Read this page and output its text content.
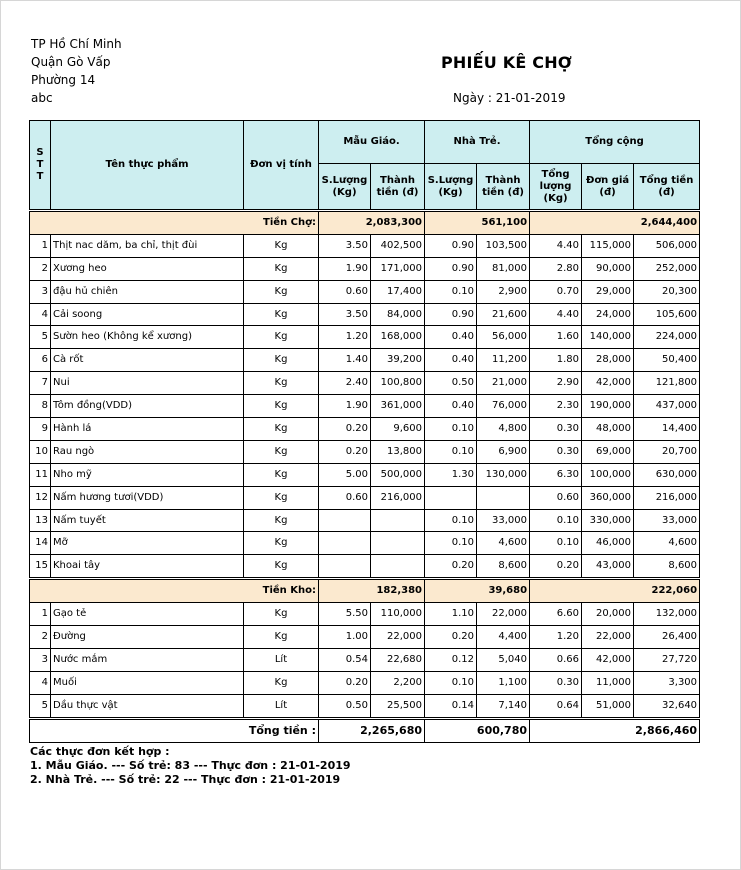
TP Hồ Chí Minh
Quận Gò Vấp
Phường 14
abc
PHIẾU KÊ CHỢ
Ngày : 21-01-2019
S T T	Tên thực phẩm	Đơn vị tính	Mẫu Giáo.		Nhà Trẻ.		Tổng cộng		
			S.Lượng (Kg)	Thành tiền (đ)	S.Lượng (Kg)	Thành tiền (đ)	Tổng lượng (Kg)	Đơn giá (đ)	Tổng tiền (đ)

Tiền Chợ:			2,083,300		561,100		2,644,400		
1	Thịt nac dăm, ba chỉ, thịt đùi	Kg	3.50	402,500	0.90	103,500	4.40	115,000	506,000
2	Xương heo	Kg	1.90	171,000	0.90	81,000	2.80	90,000	252,000
3	đậu hủ chiên	Kg	0.60	17,400	0.10	2,900	0.70	29,000	20,300
4	Cải soong	Kg	3.50	84,000	0.90	21,600	4.40	24,000	105,600
5	Sườn heo (Không kể xương)	Kg	1.20	168,000	0.40	56,000	1.60	140,000	224,000
6	Cà rốt	Kg	1.40	39,200	0.40	11,200	1.80	28,000	50,400
7	Nui	Kg	2.40	100,800	0.50	21,000	2.90	42,000	121,800
8	Tôm đồng(VDD)	Kg	1.90	361,000	0.40	76,000	2.30	190,000	437,000
9	Hành lá	Kg	0.20	9,600	0.10	4,800	0.30	48,000	14,400
10	Rau ngò	Kg	0.20	13,800	0.10	6,900	0.30	69,000	20,700
11	Nho mỹ	Kg	5.00	500,000	1.30	130,000	6.30	100,000	630,000
12	Nấm hương tươi(VDD)	Kg	0.60	216,000			0.60	360,000	216,000
13	Nấm tuyết	Kg			0.10	33,000	0.10	330,000	33,000
14	Mỡ	Kg			0.10	4,600	0.10	46,000	4,600
15	Khoai tây	Kg			0.20	8,600	0.20	43,000	8,600

Tiền Kho:			182,380		39,680		222,060		
1	Gạo tẻ	Kg	5.50	110,000	1.10	22,000	6.60	20,000	132,000
2	Đường	Kg	1.00	22,000	0.20	4,400	1.20	22,000	26,400
3	Nước mắm	Lít	0.54	22,680	0.12	5,040	0.66	42,000	27,720
4	Muối	Kg	0.20	2,200	0.10	1,100	0.30	11,000	3,300
5	Dầu thực vật	Lít	0.50	25,500	0.14	7,140	0.64	51,000	32,640

Tổng tiền :			2,265,680		600,780		2,866,460		
Các thực đơn kết hợp :
1. Mẫu Giáo. --- Số trẻ: 83 --- Thực đơn : 21-01-2019
2. Nhà Trẻ. --- Số trẻ: 22 --- Thực đơn : 21-01-2019
